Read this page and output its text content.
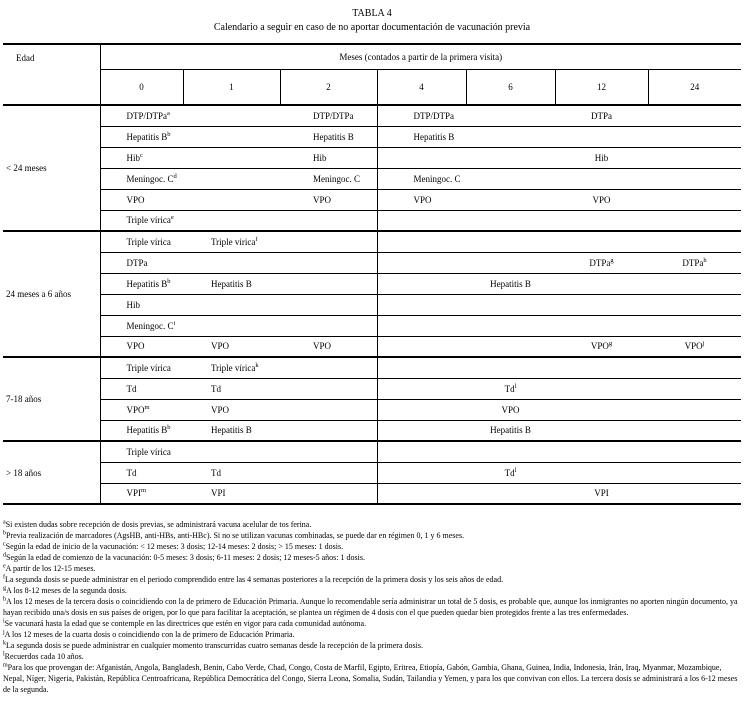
TABLA 4
Calendario a seguir en caso de no aportar documentación de vacunación previa
Edad	Meses (contados a partir de la primera visita)						
	0	1	2	4	6	12	24
< 24 meses	DTP/DTPa$^a$		DTP/DTPa	DTP/DTPa		DTPa	
	Hepatitis $B^b$		Hepatitis B	Hepatitis B			
	Hib$^c$		Hib			Hib	
	Meningoc. $C^d$		Meningoc. C	Meningoc. C			
	VPO		VPO	VPO		VPO	
	Triple vírica$^e$						
24 meses a 6 años	Triple vírica	Triple vírica$^f$					
	DTPa					DTPa$^g$	DTPa$^h$
	Hepatitis $B^b$	Hepatitis B			Hepatitis B		
	Hib						
	Meningoc. $C^i$						
	VPO	VPO	VPO			VPO$^g$	VPO$^j$
7-18 años	Triple vírica	Triple vírica$^k$					
	Td	Td			Td$^l$		
	VPO$^m$	VPO			VPO		
	Hepatitis $B^b$	Hepatitis B			Hepatitis B		
> 18 años	Triple vírica						
	Td	Td			Td$^l$		
	VPI$^m$	VPI				VPI	
$^a$Si existen dudas sobre recepción de dosis previas, se administrará vacuna acelular de tos ferina.
$^b$Previa realización de marcadores (AgsHB, anti-HBs, anti-HBc). Si no se utilizan vacunas combinadas, se puede dar en régimen 0, 1 y 6 meses.
$^c$Según la edad de inicio de la vacunación: < 12 meses: 3 dosis; 12-14 meses: 2 dosis; > 15 meses: 1 dosis.
$^d$Según la edad de comienzo de la vacunación: 0-5 meses: 3 dosis; 6-11 meses: 2 dosis; 12 meses-5 años: 1 dosis.
$^e$A partir de los 12-15 meses.
$^f$La segunda dosis se puede administrar en el periodo comprendido entre las 4 semanas posteriores a la recepción de la primera dosis y los seis años de edad.
$^g$A los 8-12 meses de la segunda dosis.
$^h$A los 12 meses de la tercera dosis o coincidiendo con la de primero de Educación Primaria. Aunque lo recomendable sería administrar un total de 5 dosis, es probable que, aunque los inmigrantes no aporten ningún documento, ya hayan recibido una/s dosis en sus países de origen, por lo que para facilitar la aceptación, se plantea un régimen de 4 dosis con el que pueden quedar bien protegidos frente a las tres enfermedades.
$^i$Se vacunará hasta la edad que se contemple en las directrices que estén en vigor para cada comunidad autónoma.
$^j$A los 12 meses de la cuarta dosis o coincidiendo con la de primero de Educación Primaria.
$^k$La segunda dosis se puede administrar en cualquier momento transcurridas cuatro semanas desde la recepción de la primera dosis.
$^l$Recuerdos cada 10 años.
$^m$Para los que provengan de: Afganistán, Angola, Bangladesh, Benin, Cabo Verde, Chad, Congo, Costa de Marfil, Egipto, Eritrea, Etiopía, Gabón, Gambia, Ghana, Guinea, India, Indonesia, Irán, Iraq, Myanmar, Mozambique, Nepal, Níger, Nigeria, Pakistán, República Centroafricana, República Democrática del Congo, Sierra Leona, Somalia, Sudán, Tailandia y Yemen, y para los que convivan con ellos. La tercera dosis se administrará a los 6-12 meses de la segunda.
